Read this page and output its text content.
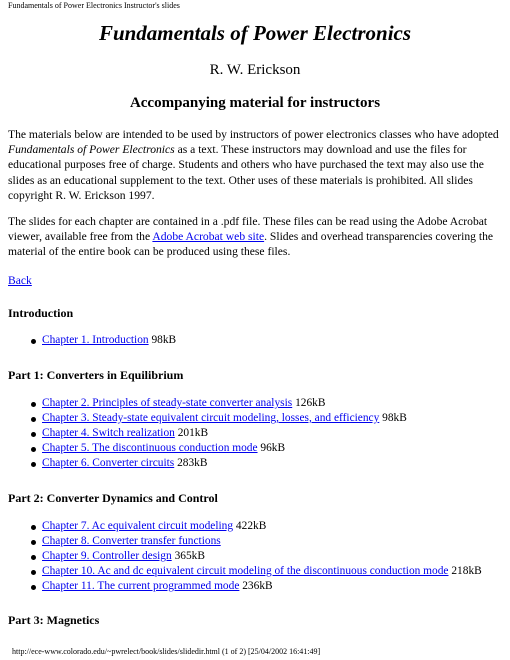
Fundamentals of Power Electronics Instructor's slides
Fundamentals of Power Electronics
R. W. Erickson
Accompanying material for instructors
The materials below are intended to be used by instructors of power electronics classes who have adopted Fundamentals of Power Electronics as a text. These instructors may download and use the files for educational purposes free of charge. Students and others who have purchased the text may also use the slides as an educational supplement to the text. Other uses of these materials is prohibited. All slides copyright R. W. Erickson 1997.
The slides for each chapter are contained in a .pdf file. These files can be read using the Adobe Acrobat viewer, available free from the Adobe Acrobat web site. Slides and overhead transparencies covering the material of the entire book can be produced using these files.
Back
Introduction
Chapter 1. Introduction 98kB
Part 1: Converters in Equilibrium
Chapter 2. Principles of steady-state converter analysis 126kB
Chapter 3. Steady-state equivalent circuit modeling, losses, and efficiency 98kB
Chapter 4. Switch realization 201kB
Chapter 5. The discontinuous conduction mode 96kB
Chapter 6. Converter circuits 283kB
Part 2: Converter Dynamics and Control
Chapter 7. Ac equivalent circuit modeling 422kB
Chapter 8. Converter transfer functions
Chapter 9. Controller design 365kB
Chapter 10. Ac and dc equivalent circuit modeling of the discontinuous conduction mode 218kB
Chapter 11. The current programmed mode 236kB
Part 3: Magnetics
http://ece-www.colorado.edu/~pwrelect/book/slides/slidedir.html (1 of 2) [25/04/2002 16:41:49]
